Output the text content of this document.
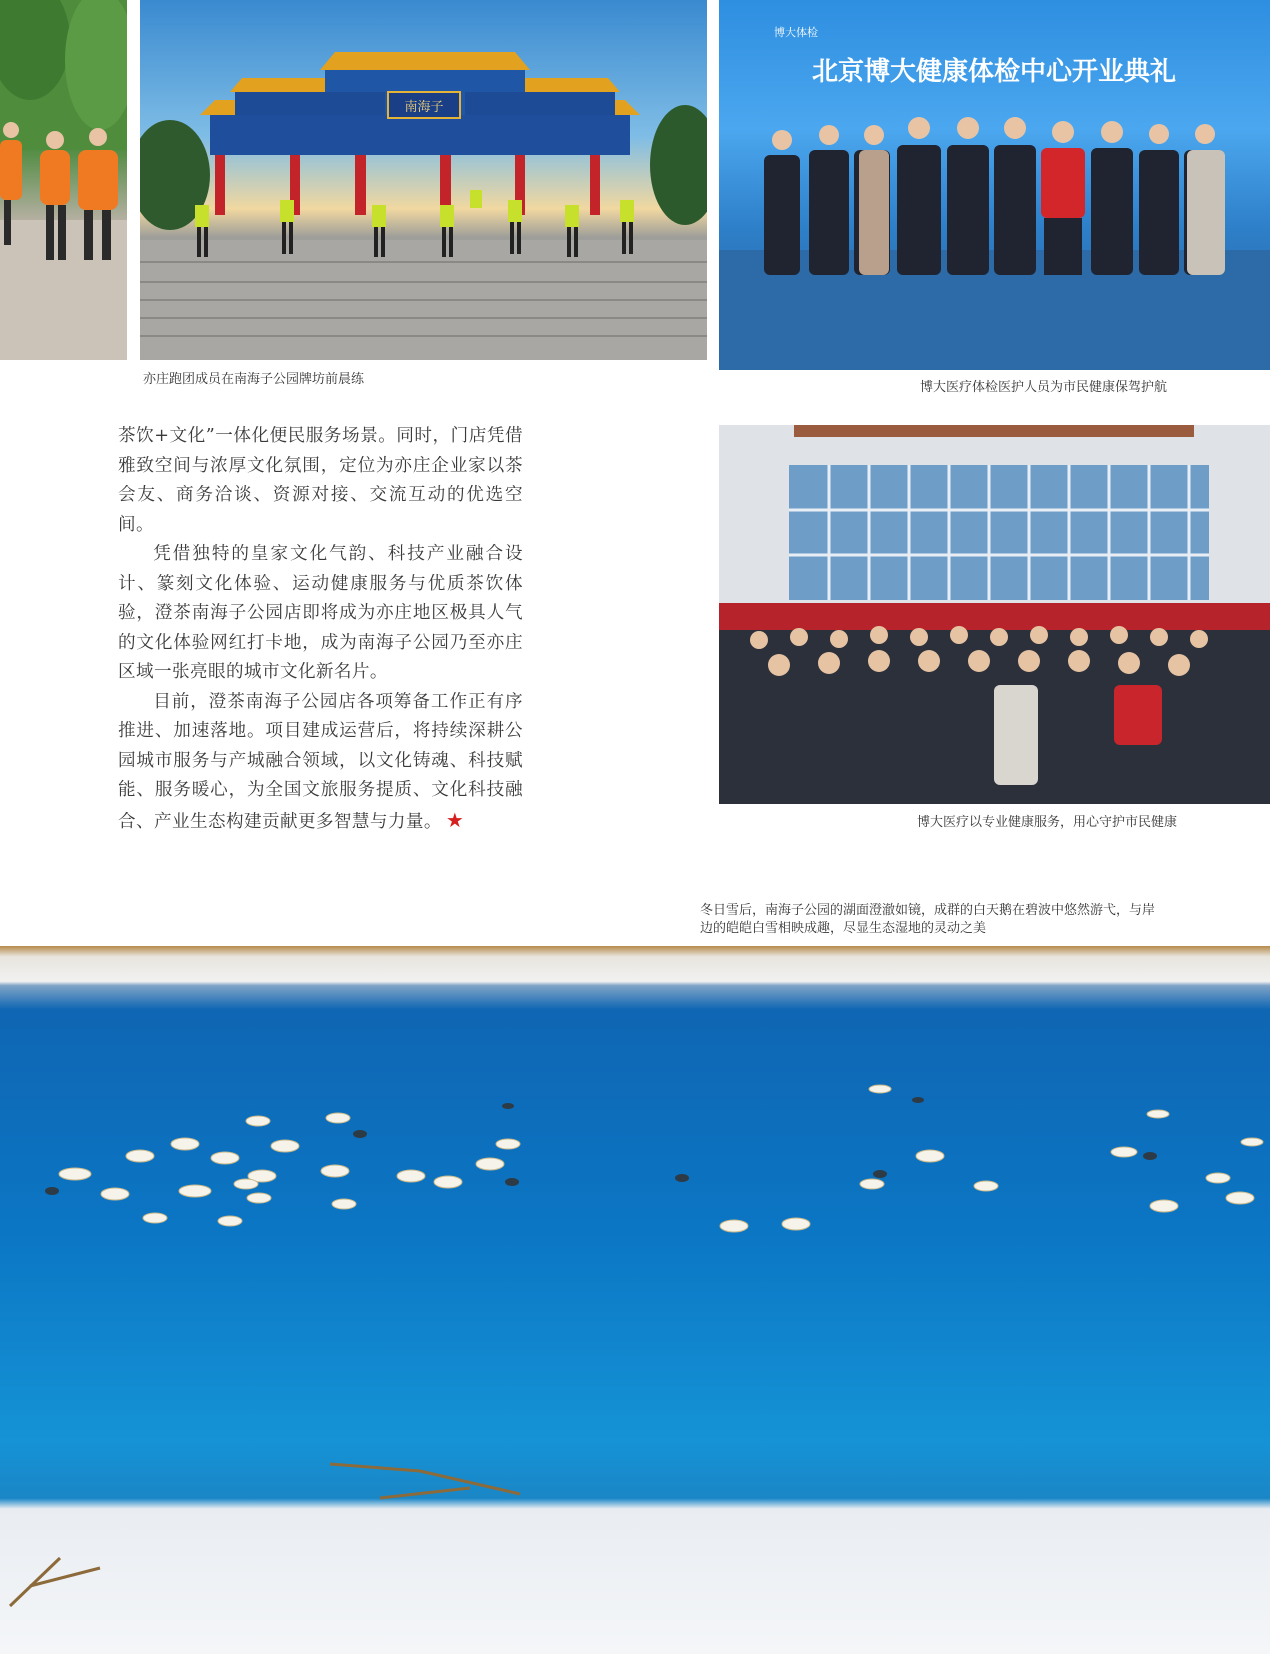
南海子
博大体检
北京博大健康体检中心开业典礼
亦庄跑团成员在南海子公园牌坊前晨练
博大医疗体检医护人员为市民健康保驾护航

茶饮+文化”一体化便民服务场景。同时，门店凭借雅致空间与浓厚文化氛围，定位为亦庄企业家以茶会友、商务洽谈、资源对接、交流互动的优选空间。

凭借独特的皇家文化气韵、科技产业融合设计、篆刻文化体验、运动健康服务与优质茶饮体验，澄茶南海子公园店即将成为亦庄地区极具人气的文化体验网红打卡地，成为南海子公园乃至亦庄区域一张亮眼的城市文化新名片。

目前，澄茶南海子公园店各项筹备工作正有序推进、加速落地。项目建成运营后，将持续深耕公园城市服务与产城融合领域，以文化铸魂、科技赋能、服务暖心，为全国文旅服务提质、文化科技融合、产业生态构建贡献更多智慧与力量。 ★	博大医疗以专业健康服务，用心守护市民健康
冬日雪后，南海子公园的湖面澄澈如镜，成群的白天鹅在碧波中悠然游弋，与岸
边的皑皑白雪相映成趣，尽显生态湿地的灵动之美
